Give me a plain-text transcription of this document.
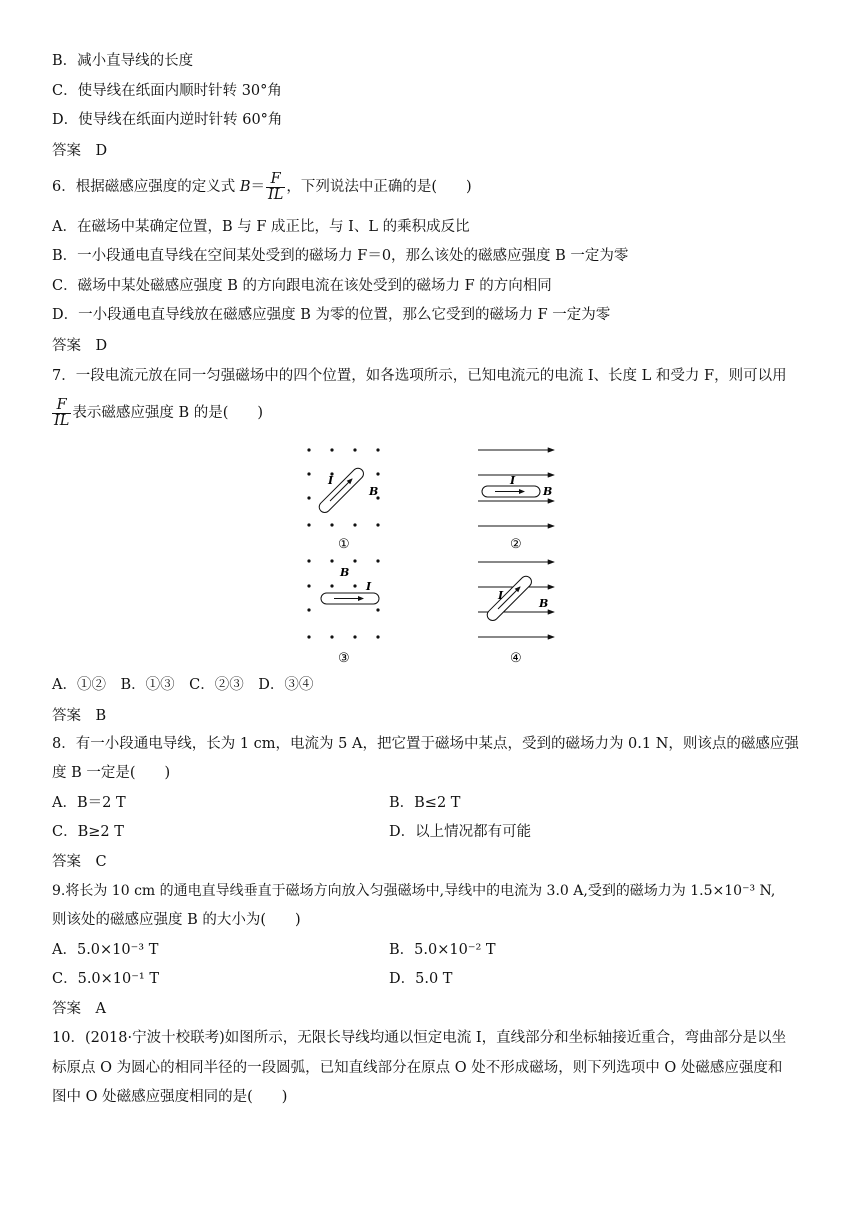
B．减小直导线的长度
C．使导线在纸面内顺时针转 30°角
D．使导线在纸面内逆时针转 60°角
答案　D
6．根据磁感应强度的定义式 $B= \frac{F}{IL}$ ，下列说法中正确的是(　　)
A．在磁场中某确定位置，B 与 F 成正比，与 I、L 的乘积成反比
B．一小段通电直导线在空间某处受到的磁场力 F＝0，那么该处的磁感应强度 B 一定为零
C．磁场中某处磁感应强度 B 的方向跟电流在该处受到的磁场力 F 的方向相同
D．一小段通电直导线放在磁感应强度 B 为零的位置，那么它受到的磁场力 F 一定为零
答案　D
7．一段电流元放在同一匀强磁场中的四个位置，如各选项所示，已知电流元的电流 I、长度 L 和受力 F，则可以用
$\frac{F}{IL}$ 表示磁感应强度 B 的是(　　)
I
B
①
I
B
②
B
I
③
I
B
④
A．①②　B．①③　C．②③　D．③④
答案　B
8．有一小段通电导线，长为 1 cm，电流为 5 A，把它置于磁场中某点，受到的磁场力为 0.1 N，则该点的磁感应强
度 B 一定是(　　)
A．B＝2 T	B．B≤2 T
C．B≥2 T	D．以上情况都有可能
答案　C
9.将长为 10 cm 的通电直导线垂直于磁场方向放入匀强磁场中,导线中的电流为 3.0 A,受到的磁场力为 1.5×10⁻³ N,
则该处的磁感应强度 B 的大小为(　　)
A．5.0×10⁻³ T	B．5.0×10⁻² T
C．5.0×10⁻¹ T	D．5.0 T
答案　A
10．(2018·宁波十校联考)如图所示，无限长导线均通以恒定电流 I，直线部分和坐标轴接近重合，弯曲部分是以坐
标原点 O 为圆心的相同半径的一段圆弧，已知直线部分在原点 O 处不形成磁场，则下列选项中 O 处磁感应强度和
图中 O 处磁感应强度相同的是(　　)
